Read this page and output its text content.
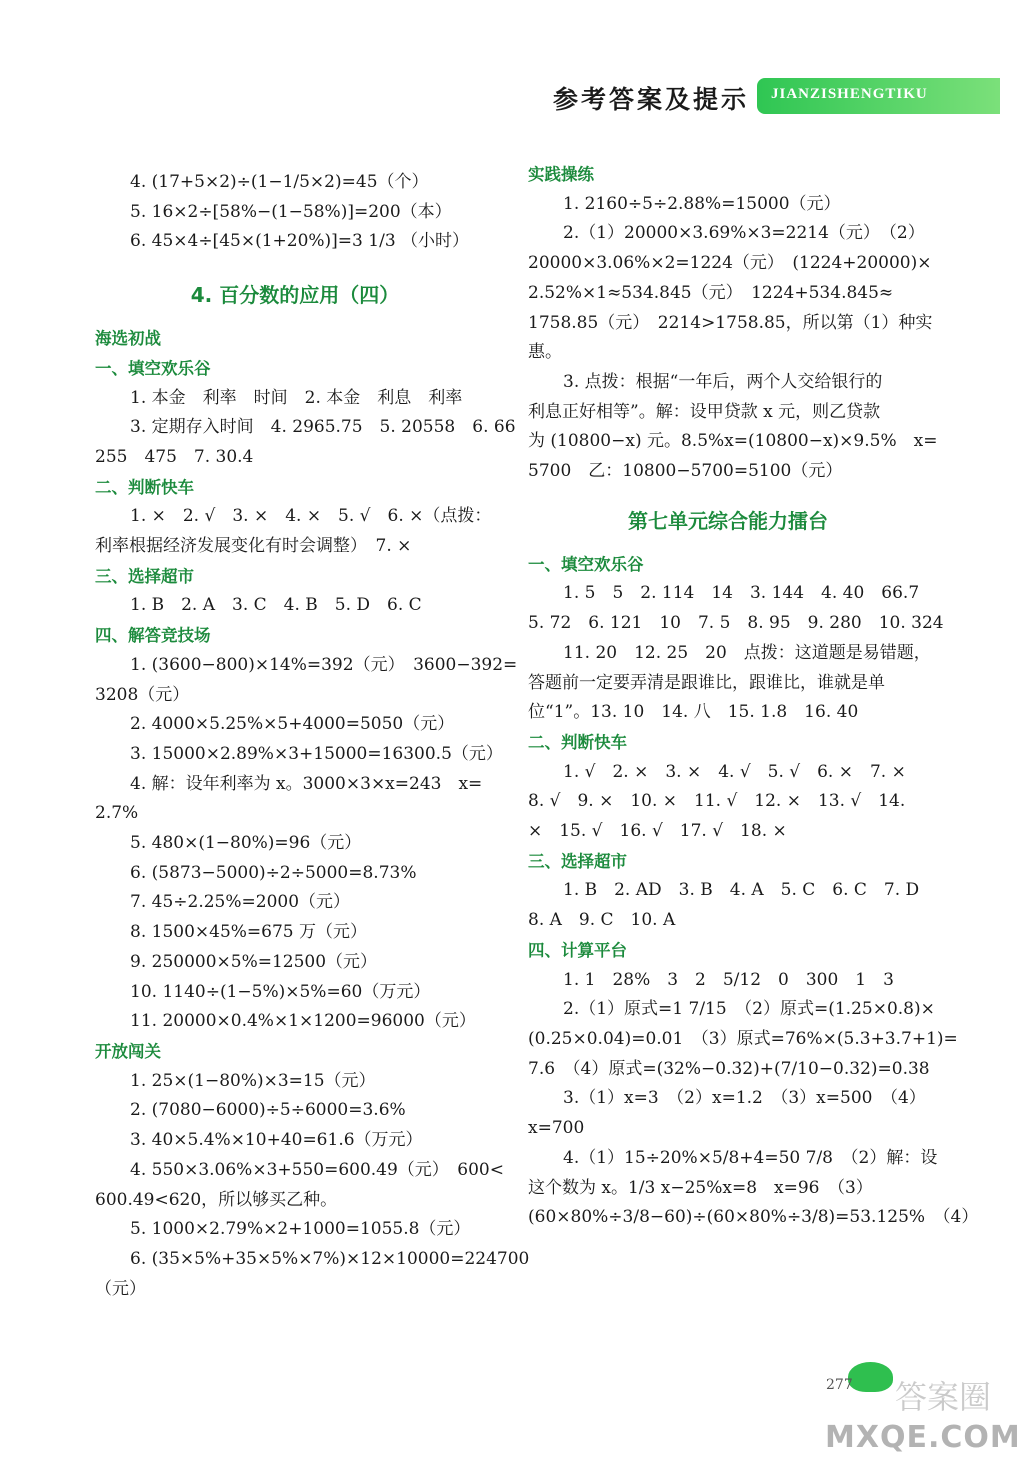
参考答案及提示	JIANZISHENGTIKU
4. (17+5×2)÷(1−1/5×2)=45（个）
5. 16×2÷[58%−(1−58%)]=200（本）
6. 45×4÷[45×(1+20%)]=3 1/3 （小时）
4. 百分数的应用（四）
海选初战
一、填空欢乐谷
1. 本金　利率　时间　2. 本金　利息　利率
3. 定期存入时间　4. 2965.75　5. 20558　6. 66
255　475　7. 30.4
二、判断快车
1. ×　2. √　3. ×　4. ×　5. √　6. ×（点拨：
利率根据经济发展变化有时会调整）　7. ×
三、选择超市
1. B　2. A　3. C　4. B　5. D　6. C
四、解答竞技场
1. (3600−800)×14%=392（元）　3600−392=
3208（元）
2. 4000×5.25%×5+4000=5050（元）
3. 15000×2.89%×3+15000=16300.5（元）
4. 解：设年利率为 x。3000×3×x=243　x=
2.7%
5. 480×(1−80%)=96（元）
6. (5873−5000)÷2÷5000=8.73%
7. 45÷2.25%=2000（元）
8. 1500×45%=675 万（元）
9. 250000×5%=12500（元）
10. 1140÷(1−5%)×5%=60（万元）
11. 20000×0.4%×1×1200=96000（元）
开放闯关
1. 25×(1−80%)×3=15（元）
2. (7080−6000)÷5÷6000=3.6%
3. 40×5.4%×10+40=61.6（万元）
4. 550×3.06%×3+550=600.49（元）　600<
600.49<620，所以够买乙种。
5. 1000×2.79%×2+1000=1055.8（元）
6. (35×5%+35×5%×7%)×12×10000=224700
（元）
实践操练
1. 2160÷5÷2.88%=15000（元）
2.（1）20000×3.69%×3=2214（元）　（2）
20000×3.06%×2=1224（元）　(1224+20000)×
2.52%×1≈534.845（元）　1224+534.845≈
1758.85（元）　2214>1758.85，所以第（1）种实
惠。
3. 点拨：根据“一年后，两个人交给银行的
利息正好相等”。解：设甲贷款 x 元，则乙贷款
为 (10800−x) 元。8.5%x=(10800−x)×9.5%　x=
5700　乙：10800−5700=5100（元）
第七单元综合能力擂台
一、填空欢乐谷
1. 5　5　2. 114　14　3. 144　4. 40　66.7
5. 72　6. 121　10　7. 5　8. 95　9. 280　10. 324
11. 20　12. 25　20　点拨：这道题是易错题，
答题前一定要弄清是跟谁比，跟谁比，谁就是单
位“1”。13. 10　14. 八　15. 1.8　16. 40
二、判断快车
1. √　2. ×　3. ×　4. √　5. √　6. ×　7. ×
8. √　9. ×　10. ×　11. √　12. ×　13. √　14.
×　15. √　16. √　17. √　18. ×
三、选择超市
1. B　2. AD　3. B　4. A　5. C　6. C　7. D
8. A　9. C　10. A
四、计算平台
1. 1　28%　3　2　5/12　0　300　1　3
2.（1）原式=1 7/15　（2）原式=(1.25×0.8)×
(0.25×0.04)=0.01　（3）原式=76%×(5.3+3.7+1)=
7.6　（4）原式=(32%−0.32)+(7/10−0.32)=0.38
3.（1）x=3　（2）x=1.2　（3）x=500　（4）
x=700
4.（1）15÷20%×5/8+4=50 7/8　（2）解：设
这个数为 x。1/3 x−25%x=8　x=96　（3）
(60×80%÷3/8−60)÷(60×80%÷3/8)=53.125%　（4）
277 答案圈
MXQE.COM
